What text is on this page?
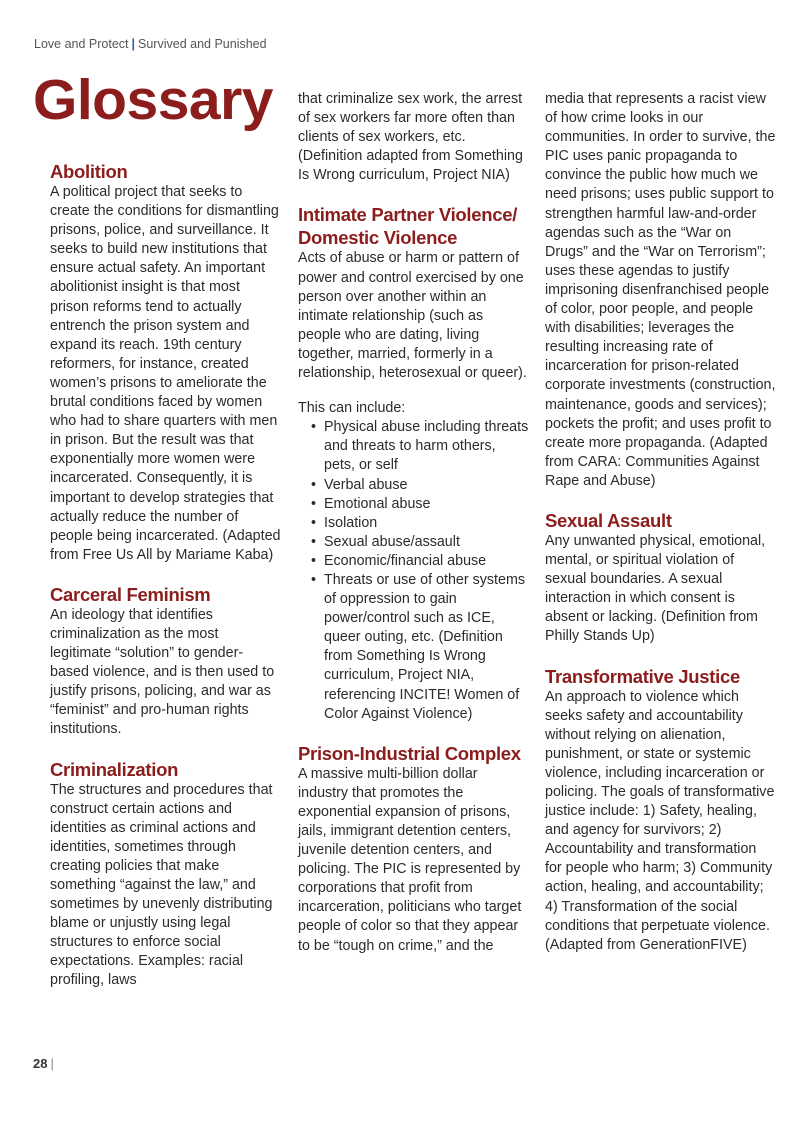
Love and Protect | Survived and Punished
Glossary
Abolition

A political project that seeks to create the conditions for dismantling prisons, police, and surveillance. It seeks to build new institutions that ensure actual safety. An important abolitionist insight is that most prison reforms tend to actually entrench the prison system and expand its reach. 19th century reformers, for instance, created women’s prisons to ameliorate the brutal conditions faced by women who had to share quarters with men in prison. But the result was that exponentially more women were incarcerated. Consequently, it is important to develop strategies that actually reduce the number of people being incarcerated. (Adapted from Free Us All by Mariame Kaba)

Carceral Feminism

An ideology that identifies criminalization as the most legitimate “solution” to gender-based violence, and is then used to justify prisons, policing, and war as “feminist” and pro-human rights institutions.

Criminalization

The structures and procedures that construct certain actions and identities as criminal actions and identities, sometimes through creating policies that make something “against the law,” and sometimes by unevenly distributing blame or unjustly using legal structures to enforce social expectations. Examples: racial profiling, laws

that criminalize sex work, the arrest of sex workers far more often than clients of sex workers, etc. (Definition adapted from Something Is Wrong curriculum, Project NIA)

Intimate Partner Violence/ Domestic Violence

Acts of abuse or harm or pattern of power and control exercised by one person over another within an intimate relationship (such as people who are dating, living together, married, formerly in a relationship, heterosexual or queer).

This can include:

• Physical abuse including threats and threats to harm others, pets, or self
• Verbal abuse
• Emotional abuse
• Isolation
• Sexual abuse/assault
• Economic/financial abuse
• Threats or use of other systems of oppression to gain power/control such as ICE, queer outing, etc. (Definition from Something Is Wrong curriculum, Project NIA, referencing INCITE! Women of Color Against Violence)
Prison-Industrial Complex

A massive multi-billion dollar industry that promotes the exponential expansion of prisons, jails, immigrant detention centers, juvenile detention centers, and policing. The PIC is represented by corporations that profit from incarceration, politicians who target people of color so that they appear to be “tough on crime,” and the

media that represents a racist view of how crime looks in our communities. In order to survive, the PIC uses panic propaganda to convince the public how much we need prisons; uses public support to strengthen harmful law-and-order agendas such as the “War on Drugs” and the “War on Terrorism”; uses these agendas to justify imprisoning disenfranchised people of color, poor people, and people with disabilities; leverages the resulting increasing rate of incarceration for prison-related corporate investments (construction, maintenance, goods and services); pockets the profit; and uses profit to create more propaganda. (Adapted from CARA: Communities Against Rape and Abuse)

Sexual Assault

Any unwanted physical, emotional, mental, or spiritual violation of sexual boundaries. A sexual interaction in which consent is absent or lacking. (Definition from Philly Stands Up)

Transformative Justice

An approach to violence which seeks safety and accountability without relying on alienation, punishment, or state or systemic violence, including incarceration or policing. The goals of transformative justice include: 1) Safety, healing, and agency for survivors; 2) Accountability and transformation for people who harm; 3) Community action, healing, and accountability; 4) Transformation of the social conditions that perpetuate violence. (Adapted from GenerationFIVE)

28 |
